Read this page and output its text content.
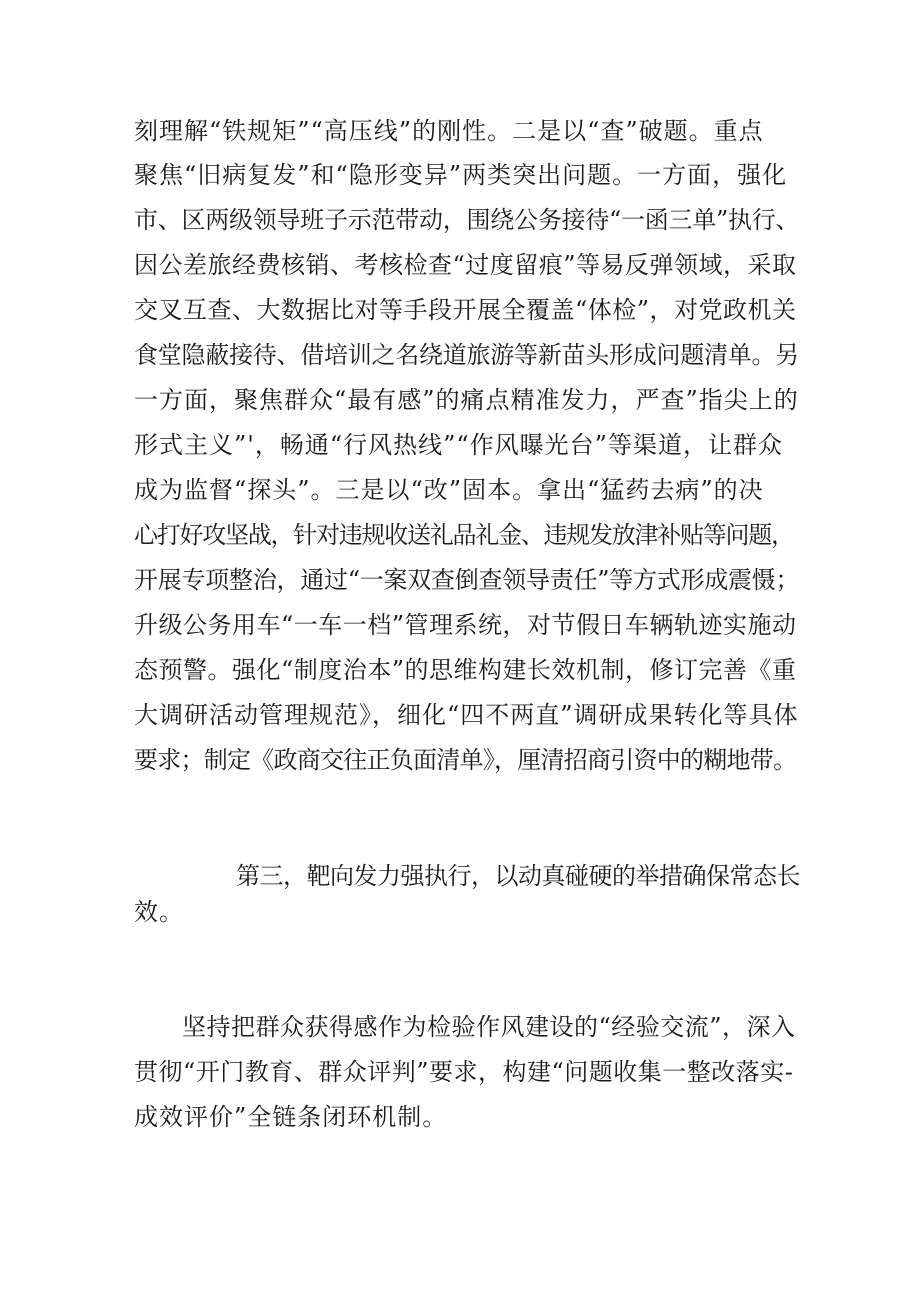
刻理解“铁规矩”“高压线”的刚性。二是以“查”破题。重点
聚焦“旧病复发”和“隐形变异”两类突出问题。一方面，强化
市、区两级领导班子示范带动，围绕公务接待“一函三单”执行、
因公差旅经费核销、考核检查“过度留痕”等易反弹领域，采取
交叉互查、大数据比对等手段开展全覆盖“体检”，对党政机关
食堂隐蔽接待、借培训之名绕道旅游等新苗头形成问题清单。另
一方面，聚焦群众“最有感”的痛点精准发力，严查”指尖上的
形式主义”'，畅通“行风热线”“作风曝光台”等渠道，让群众
成为监督“探头”。三是以“改”固本。拿出“猛药去病”的决
心打好攻坚战，针对违规收送礼品礼金、违规发放津补贴等问题，
开展专项整治，通过“一案双查倒查领导责任”等方式形成震慑；
升级公务用车“一车一档”管理系统，对节假日车辆轨迹实施动
态预警。强化“制度治本”的思维构建长效机制，修订完善《重
大调研活动管理规范》，细化“四不两直”调研成果转化等具体
要求；制定《政商交往正负面清单》，厘清招商引资中的糊地带。
第三，靶向发力强执行，以动真碰硬的举措确保常态长
效。
坚持把群众获得感作为检验作风建设的“经验交流”，深入
贯彻“开门教育、群众评判”要求，构建“问题收集一整改落实-
成效评价”全链条闭环机制。
